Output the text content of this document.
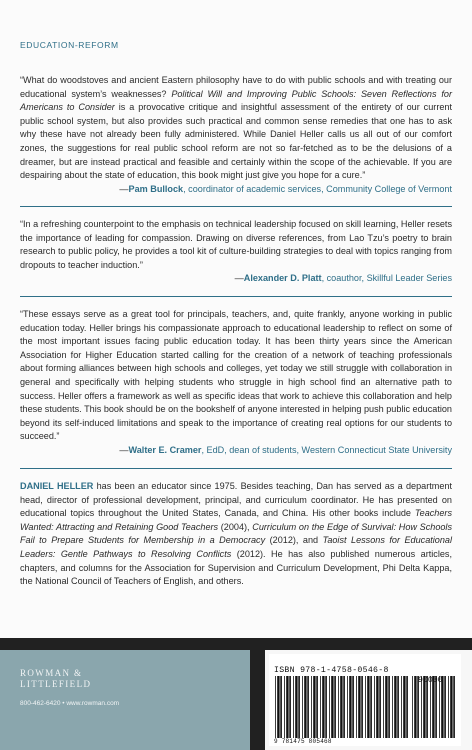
EDUCATION-REFORM
“What do woodstoves and ancient Eastern philosophy have to do with public schools and with treating our educational system’s weaknesses? Political Will and Improving Public Schools: Seven Reflections for Americans to Consider is a provocative critique and insightful assessment of the entirety of our current public school system, but also provides such practical and common sense remedies that one has to ask why these have not already been fully administered. While Daniel Heller calls us all out of our comfort zones, the suggestions for real public school reform are not so far-fetched as to be the delusions of a dreamer, but are instead practical and feasible and certainly within the scope of the achievable. If you are despairing about the state of education, this book might just give you hope for a cure.”
—Pam Bullock, coordinator of academic services, Community College of Vermont
“In a refreshing counterpoint to the emphasis on technical leadership focused on skill learning, Heller resets the importance of leading for compassion. Drawing on diverse references, from Lao Tzu’s poetry to brain research to public policy, he provides a tool kit of culture-building strategies to deal with topics ranging from dropouts to teacher induction.”
—Alexander D. Platt, coauthor, Skillful Leader Series
“These essays serve as a great tool for principals, teachers, and, quite frankly, anyone working in public education today. Heller brings his compassionate approach to educational leadership to reflect on some of the most important issues facing public education today. It has been thirty years since the American Association for Higher Education started calling for the creation of a network of teaching professionals about forming alliances between high schools and colleges, yet today we still struggle with collaboration in general and specifically with helping students who struggle in high school find an alternative path to success. Heller offers a framework as well as specific ideas that work to achieve this collaboration and help these students. This book should be on the bookshelf of anyone interested in helping push public education beyond its self-induced limitations and speak to the importance of creating real options for our students to succeed.”
—Walter E. Cramer, EdD, dean of students, Western Connecticut State University
DANIEL HELLER has been an educator since 1975. Besides teaching, Dan has served as a department head, director of professional development, principal, and curriculum coordinator. He has presented on educational topics throughout the United States, Canada, and China. His other books include Teachers Wanted: Attracting and Retaining Good Teachers (2004), Curriculum on the Edge of Survival: How Schools Fail to Prepare Students for Membership in a Democracy (2012), and Taoist Lessons for Educational Leaders: Gentle Pathways to Resolving Conflicts (2012). He has also published numerous articles, chapters, and columns for the Association for Supervision and Curriculum Development, Phi Delta Kappa, the National Council of Teachers of English, and others.
ROWMAN &
LITTLEFIELD
800-462-6420 • www.rowman.com
ISBN 978-1-4758-0546-8
90000
9 781475 805468
